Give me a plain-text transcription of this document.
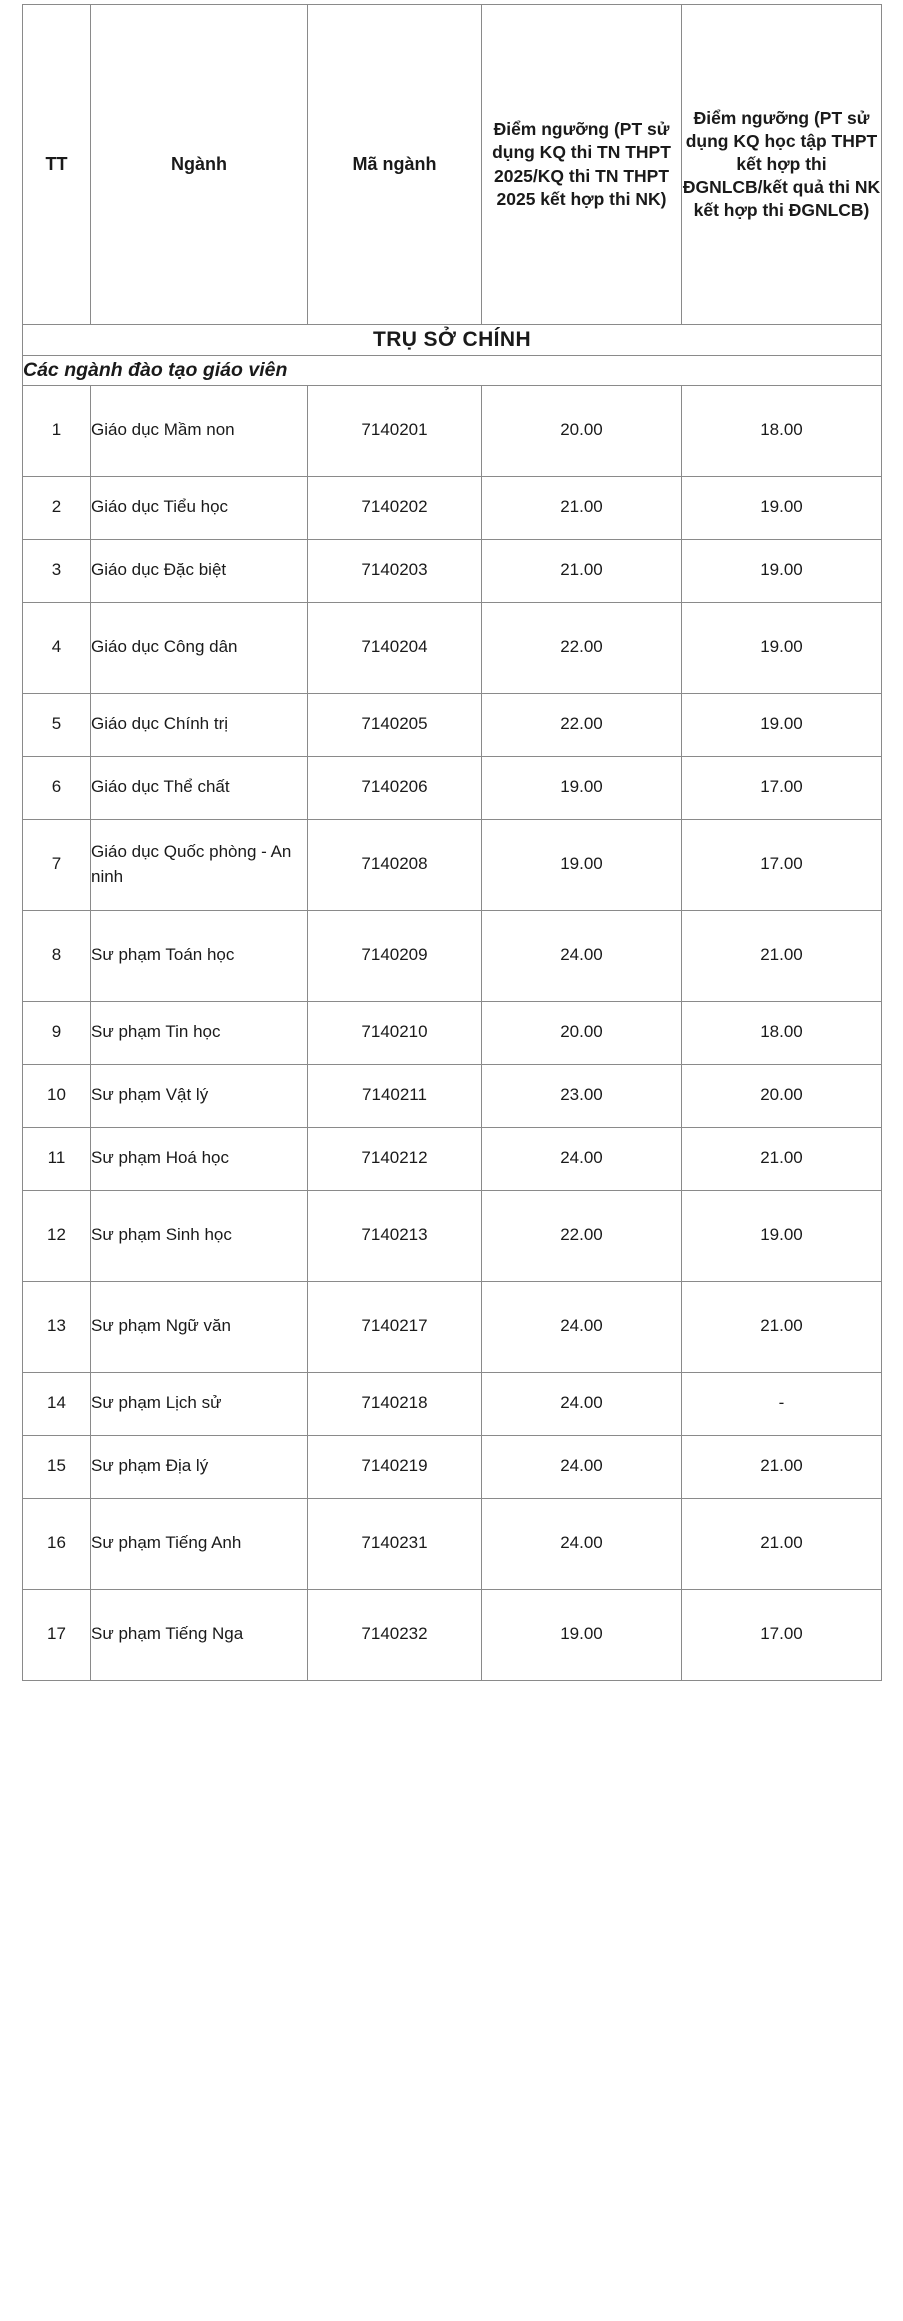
TT	Ngành	Mã ngành	Điểm ngưỡng (PT sử dụng KQ thi TN THPT 2025/KQ thi TN THPT 2025 kết hợp thi NK)	Điểm ngưỡng (PT sử dụng KQ học tập THPT kết hợp thi ĐGNLCB/kết quả thi NK kết hợp thi ĐGNLCB)
TRỤ SỞ CHÍNH				
Các ngành đào tạo giáo viên				
1	Giáo dục Mầm non	7140201	20.00	18.00
2	Giáo dục Tiểu học	7140202	21.00	19.00
3	Giáo dục Đặc biệt	7140203	21.00	19.00
4	Giáo dục Công dân	7140204	22.00	19.00
5	Giáo dục Chính trị	7140205	22.00	19.00
6	Giáo dục Thể chất	7140206	19.00	17.00
7	Giáo dục Quốc phòng - An ninh	7140208	19.00	17.00
8	Sư phạm Toán học	7140209	24.00	21.00
9	Sư phạm Tin học	7140210	20.00	18.00
10	Sư phạm Vật lý	7140211	23.00	20.00
11	Sư phạm Hoá học	7140212	24.00	21.00
12	Sư phạm Sinh học	7140213	22.00	19.00
13	Sư phạm Ngữ văn	7140217	24.00	21.00
14	Sư phạm Lịch sử	7140218	24.00	-
15	Sư phạm Địa lý	7140219	24.00	21.00
16	Sư phạm Tiếng Anh	7140231	24.00	21.00
17	Sư phạm Tiếng Nga	7140232	19.00	17.00
